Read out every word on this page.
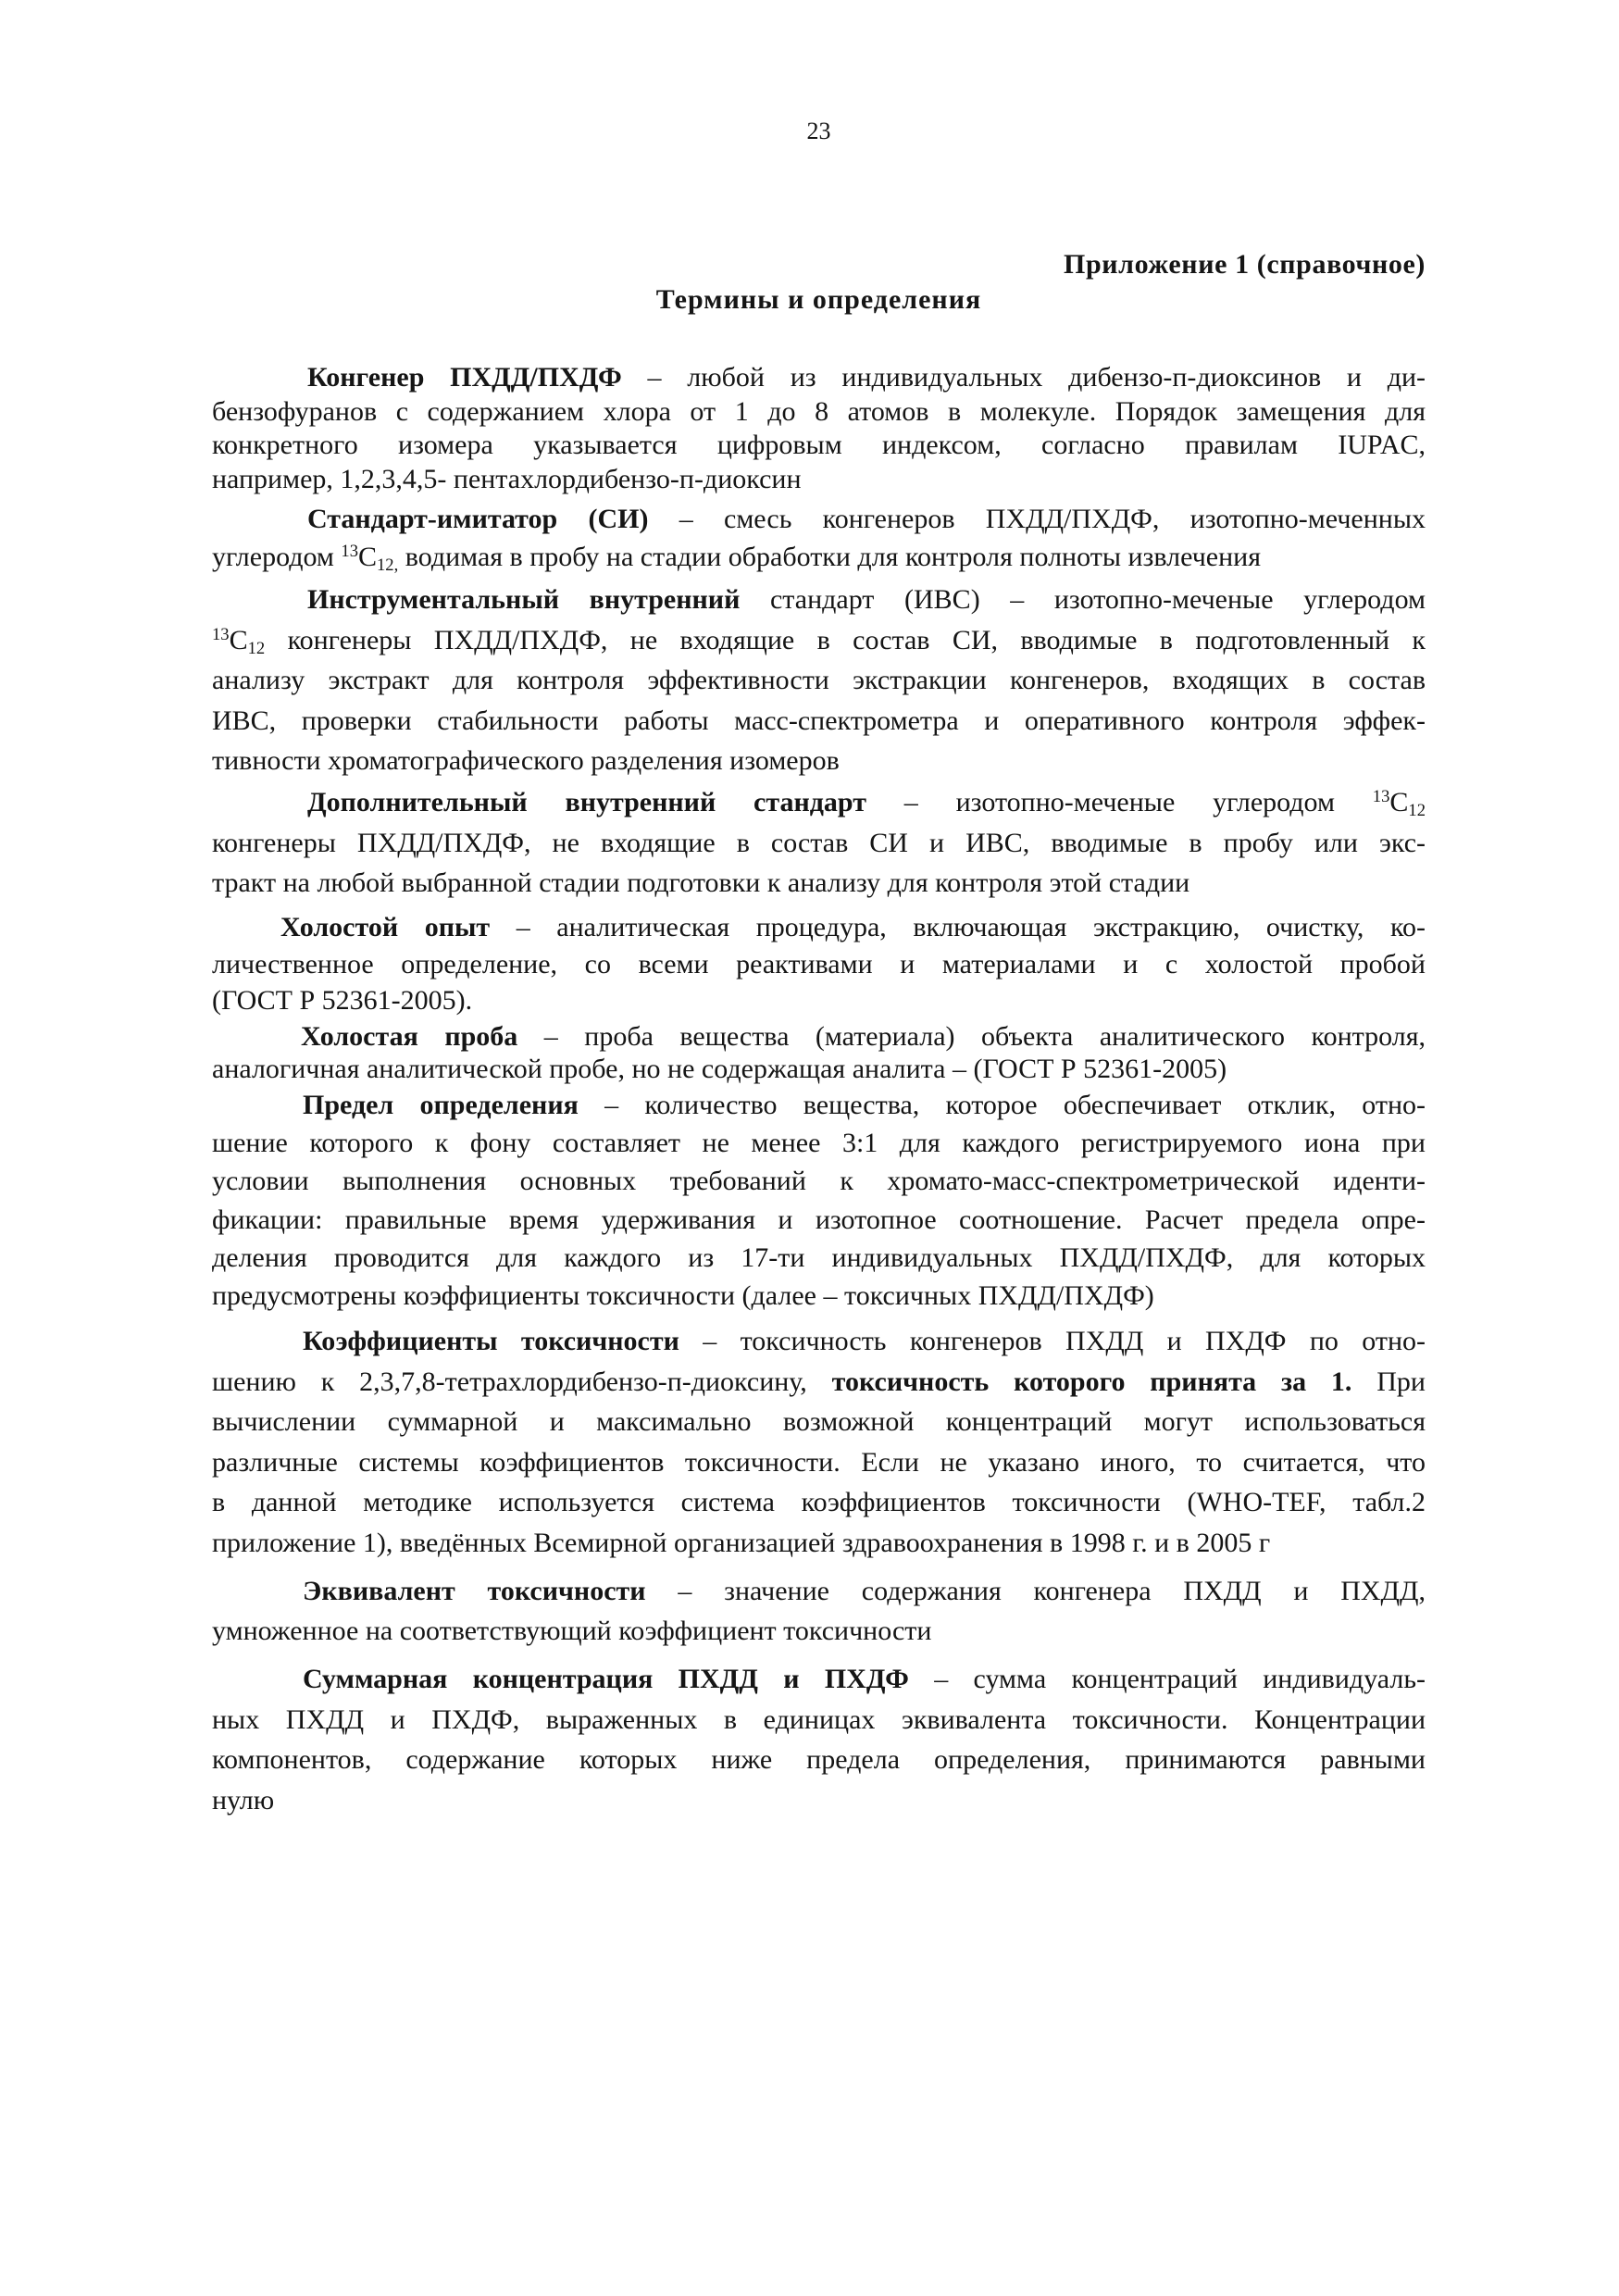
23
Приложение 1 (справочное)
Термины и определения
Конгенер ПХДД/ПХДФ – любой из индивидуальных дибензо-п-диоксинов и ди-
бензофуранов с содержанием хлора от 1 до 8 атомов в молекуле. Порядок замещения для
конкретного изомера указывается цифровым индексом, согласно правилам IUPAC,
например, 1,2,3,4,5- пентахлордибензо-п-диоксин
Стандарт-имитатор (СИ) – смесь конгенеров ПХДД/ПХДФ, изотопно-меченных
углеродом $^{13}C_{12,}$ водимая в пробу на стадии обработки для контроля полноты извлечения
Инструментальный внутренний стандарт (ИВС) – изотопно-меченые углеродом
$^{13}C_{12}$ конгенеры ПХДД/ПХДФ, не входящие в состав СИ, вводимые в подготовленный к
анализу экстракт для контроля эффективности экстракции конгенеров, входящих в состав
ИВС, проверки стабильности работы масс-спектрометра и оперативного контроля эффек-
тивности хроматографического разделения изомеров
Дополнительный внутренний стандарт – изотопно-меченые углеродом $^{13}C_{12}$
конгенеры ПХДД/ПХДФ, не входящие в состав СИ и ИВС, вводимые в пробу или экс-
тракт на любой выбранной стадии подготовки к анализу для контроля этой стадии
Холостой опыт – аналитическая процедура, включающая экстракцию, очистку, ко-
личественное определение, со всеми реактивами и материалами и с холостой пробой
(ГОСТ Р 52361-2005).
Холостая проба – проба вещества (материала) объекта аналитического контроля,
аналогичная аналитической пробе, но не содержащая аналита – (ГОСТ Р 52361-2005)
Предел определения – количество вещества, которое обеспечивает отклик, отно-
шение которого к фону составляет не менее 3:1 для каждого регистрируемого иона при
условии выполнения основных требований к хромато-масс-спектрометрической иденти-
фикации: правильные время удерживания и изотопное соотношение. Расчет предела опре-
деления проводится для каждого из 17-ти индивидуальных ПХДД/ПХДФ, для которых
предусмотрены коэффициенты токсичности (далее – токсичных ПХДД/ПХДФ)
Коэффициенты токсичности – токсичность конгенеров ПХДД и ПХДФ по отно-
шению к 2,3,7,8-тетрахлордибензо-п-диоксину, токсичность которого принята за 1. При
вычислении суммарной и максимально возможной концентраций могут использоваться
различные системы коэффициентов токсичности. Если не указано иного, то считается, что
в данной методике используется система коэффициентов токсичности (WHO-TEF, табл.2
приложение 1), введённых Всемирной организацией здравоохранения в 1998 г. и в 2005 г
Эквивалент токсичности – значение содержания конгенера ПХДД и ПХДД,
умноженное на соответствующий коэффициент токсичности
Суммарная концентрация ПХДД и ПХДФ – сумма концентраций индивидуаль-
ных ПХДД и ПХДФ, выраженных в единицах эквивалента токсичности. Концентрации
компонентов, содержание которых ниже предела определения, принимаются равными
нулю
